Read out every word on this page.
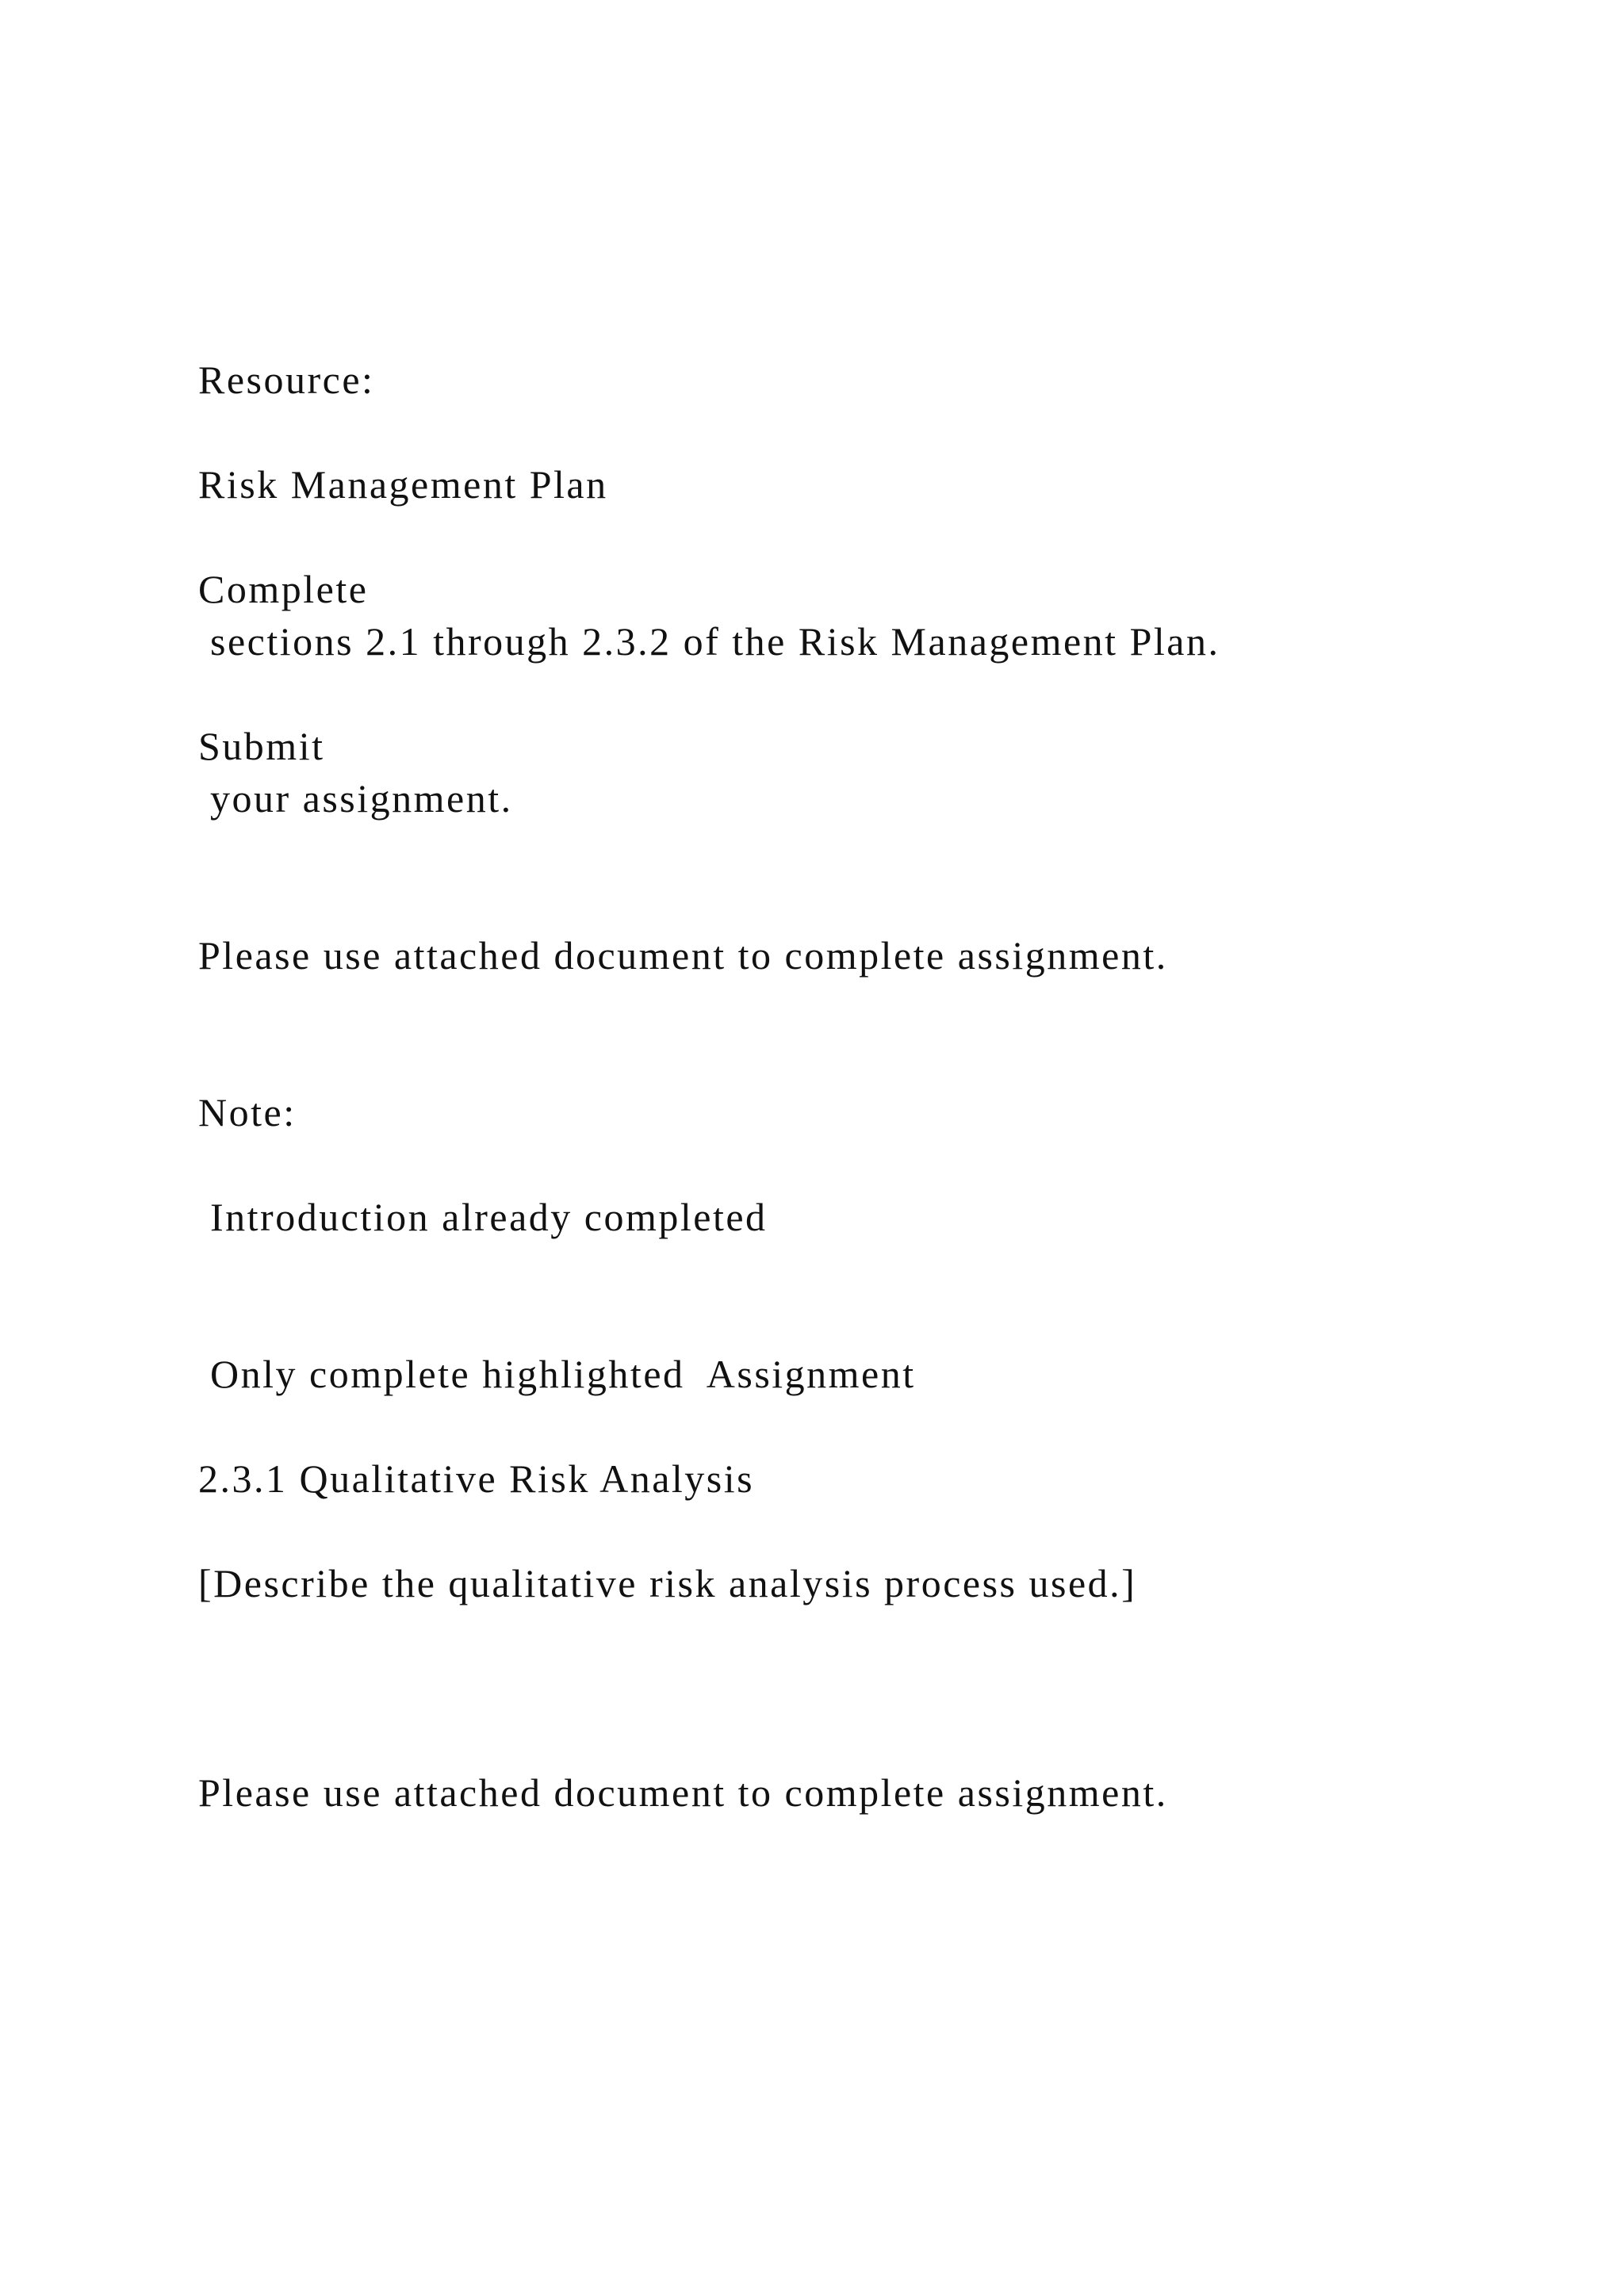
Resource:

Risk Management Plan

Complete

sections 2.1 through 2.3.2 of the Risk Management Plan.

Submit

your assignment.

Please use attached document to complete assignment.

Note:

Introduction already completed

Only complete highlighted  Assignment

2.3.1 Qualitative Risk Analysis

[Describe the qualitative risk analysis process used.]

Please use attached document to complete assignment.
